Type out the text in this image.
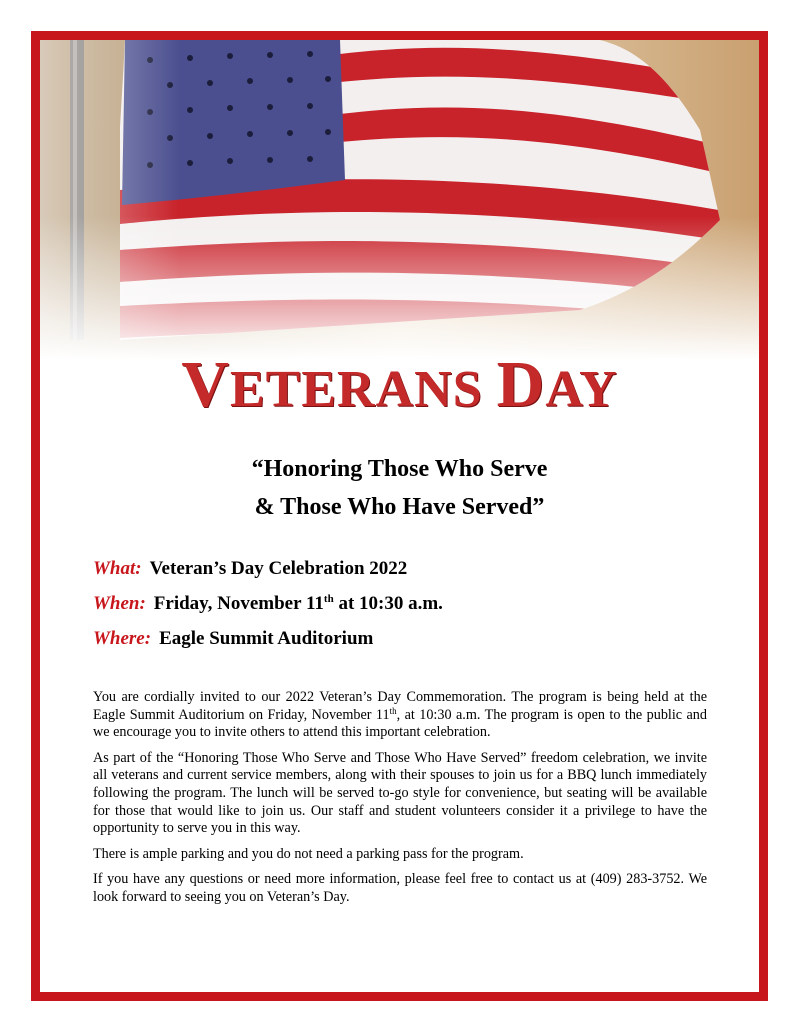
VETERANS DAY
“Honoring Those Who Serve
& Those Who Have Served”
What: Veteran’s Day Celebration 2022
When: Friday, November 11th at 10:30 a.m.
Where: Eagle Summit Auditorium

You are cordially invited to our 2022 Veteran’s Day Commemoration. The program is being held at the Eagle Summit Auditorium on Friday, November 11th, at 10:30 a.m. The program is open to the public and we encourage you to invite others to attend this important celebration.

As part of the “Honoring Those Who Serve and Those Who Have Served” freedom celebration, we invite all veterans and current service members, along with their spouses to join us for a BBQ lunch immediately following the program. The lunch will be served to-go style for convenience, but seating will be available for those that would like to join us. Our staff and student volunteers consider it a privilege to have the opportunity to serve you in this way.

There is ample parking and you do not need a parking pass for the program.

If you have any questions or need more information, please feel free to contact us at (409) 283-3752. We look forward to seeing you on Veteran’s Day.
